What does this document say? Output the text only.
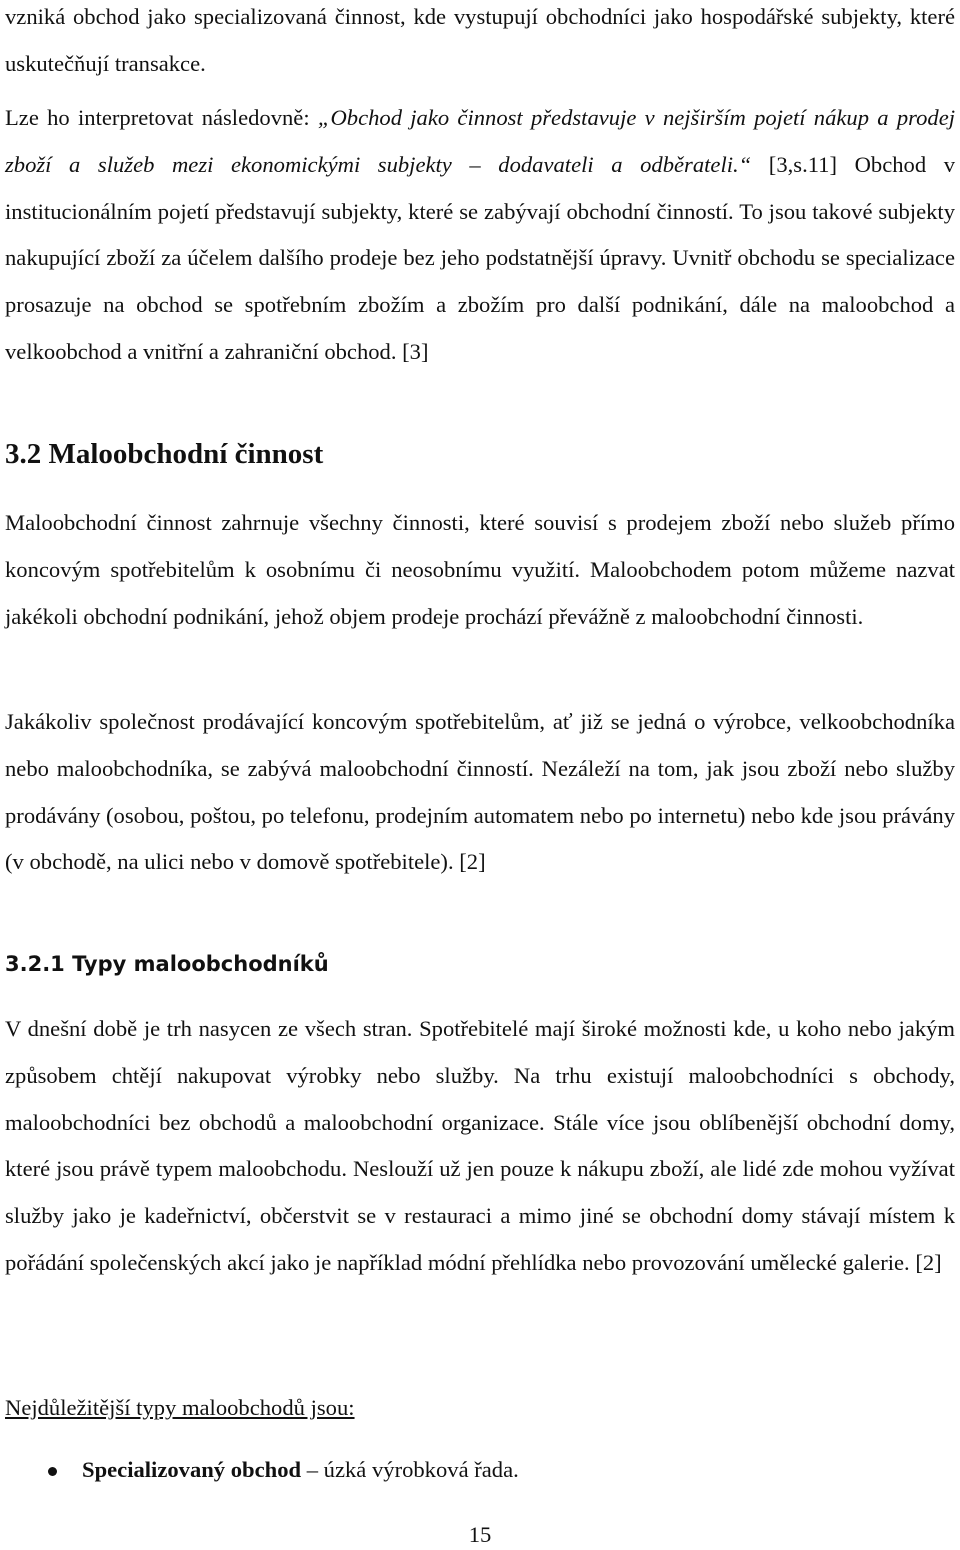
vzniká obchod jako specializovaná činnost, kde vystupují obchodníci jako hospodářské subjekty, které uskutečňují transakce.

Lze ho interpretovat následovně: „Obchod jako činnost představuje v nejširším pojetí nákup a prodej zboží a služeb mezi ekonomickými subjekty – dodavateli a odběrateli.“ [3,s.11] Obchod v institucionálním pojetí představují subjekty, které se zabývají obchodní činností. To jsou takové subjekty nakupující zboží za účelem dalšího prodeje bez jeho podstatnější úpravy. Uvnitř obchodu se specializace prosazuje na obchod se spotřebním zbožím a zbožím pro další podnikání, dále na maloobchod a velkoobchod a vnitřní a zahraniční obchod. [3]

3.2 Maloobchodní činnost

Maloobchodní činnost zahrnuje všechny činnosti, které souvisí s prodejem zboží nebo služeb přímo koncovým spotřebitelům k osobnímu či neosobnímu využití. Maloobchodem potom můžeme nazvat jakékoli obchodní podnikání, jehož objem prodeje prochází převážně z maloobchodní činnosti.

Jakákoliv společnost prodávající koncovým spotřebitelům, ať již se jedná o výrobce, velkoobchodníka nebo maloobchodníka, se zabývá maloobchodní činností. Nezáleží na tom, jak jsou zboží nebo služby prodávány (osobou, poštou, po telefonu, prodejním automatem nebo po internetu) nebo kde jsou právány (v obchodě, na ulici nebo v domově spotřebitele). [2]

3.2.1 Typy maloobchodníků

V dnešní době je trh nasycen ze všech stran. Spotřebitelé mají široké možnosti kde, u koho nebo jakým způsobem chtějí nakupovat výrobky nebo služby. Na trhu existují maloobchodníci s obchody, maloobchodníci bez obchodů a maloobchodní organizace. Stále více jsou oblíbenější obchodní domy, které jsou právě typem maloobchodu. Neslouží už jen pouze k nákupu zboží, ale lidé zde mohou vyžívat služby jako je kadeřnictví, občerstvit se v restauraci a mimo jiné se obchodní domy stávají místem k pořádání společenských akcí jako je například módní přehlídka nebo provozování umělecké galerie. [2]

Nejdůležitější typy maloobchodů jsou:

Specializovaný obchod – úzká výrobková řada.

15
